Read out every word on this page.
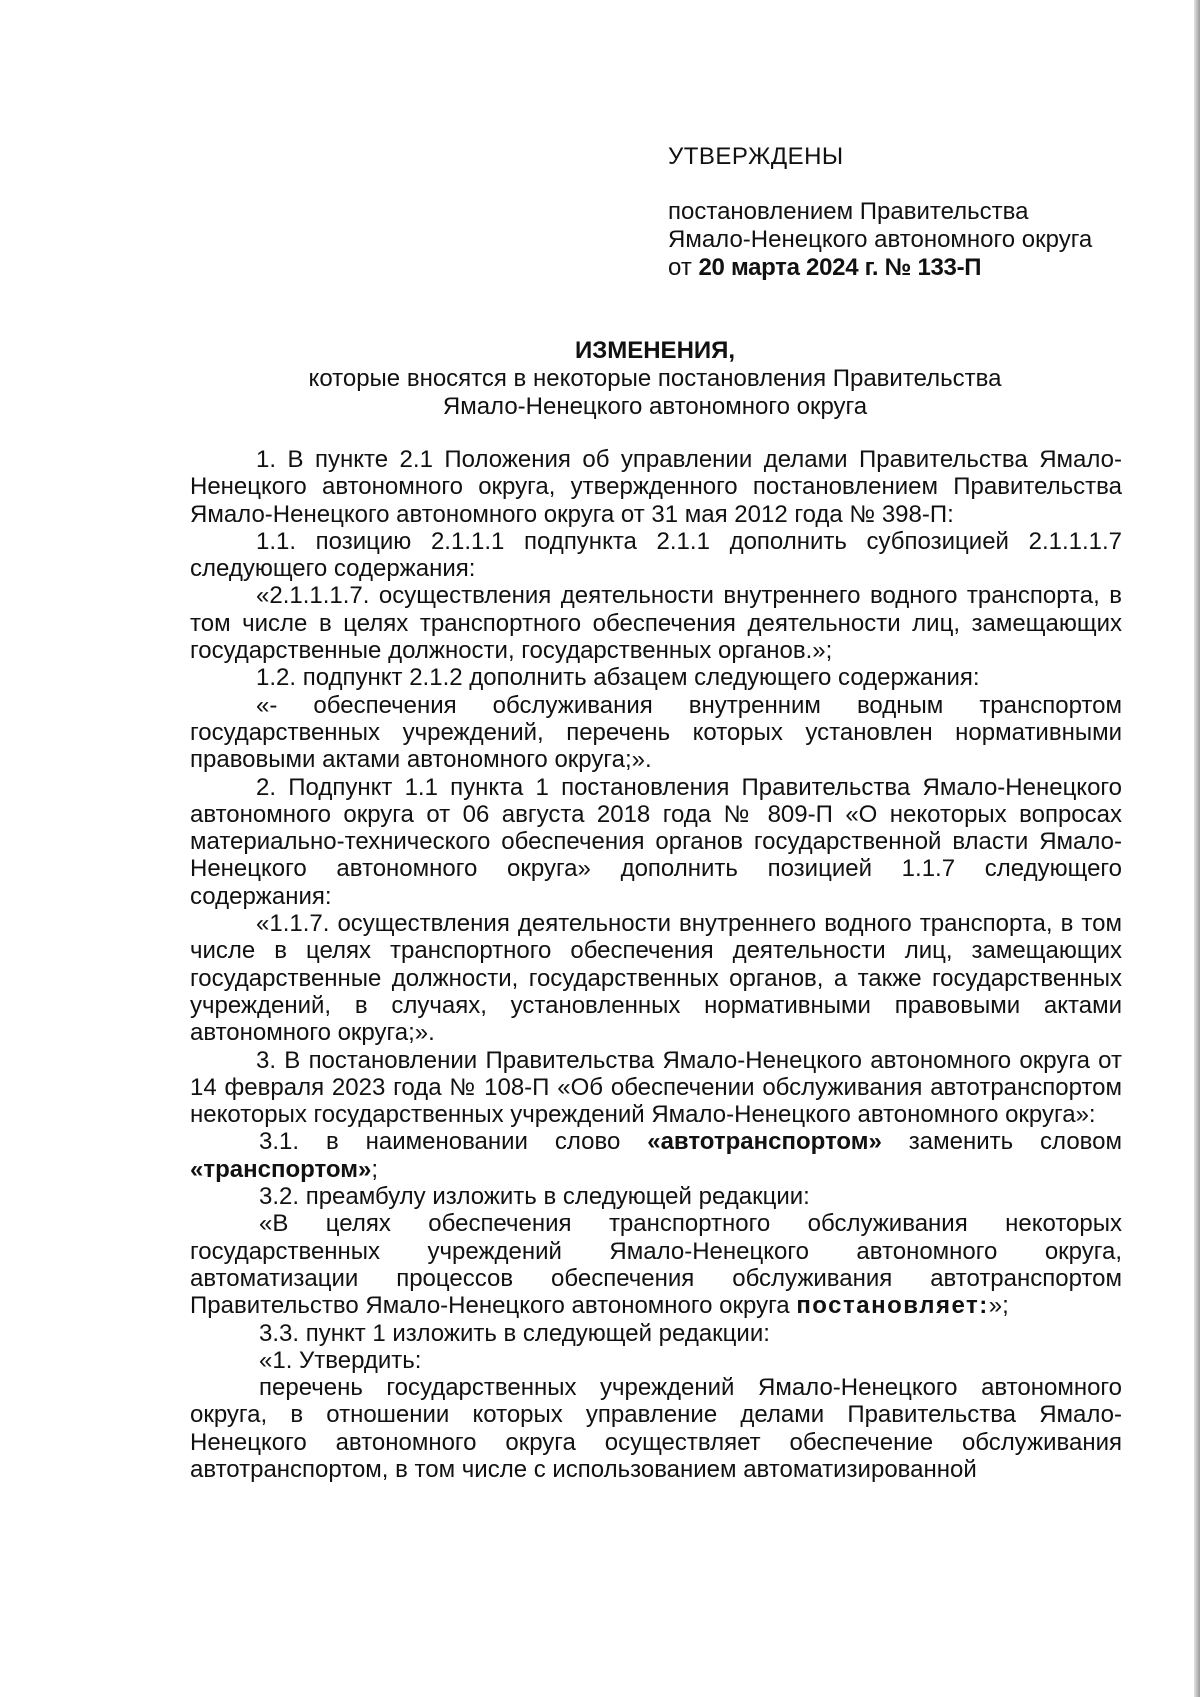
УТВЕРЖДЕНЫ
постановлением Правительства
Ямало-Ненецкого автономного округа
от 20 марта 2024 г. № 133-П
ИЗМЕНЕНИЯ,
которые вносятся в некоторые постановления Правительства
Ямало-Ненецкого автономного округа

1. В пункте 2.1 Положения об управлении делами Правительства Ямало-Ненецкого автономного округа, утвержденного постановлением Правительства Ямало-Ненецкого автономного округа от 31 мая 2012 года № 398-П:

1.1. позицию 2.1.1.1 подпункта 2.1.1 дополнить субпозицией 2.1.1.1.7 следующего содержания:

«2.1.1.1.7. осуществления деятельности внутреннего водного транспорта, в том числе в целях транспортного обеспечения деятельности лиц, замещающих государственные должности, государственных органов.»;

1.2. подпункт 2.1.2 дополнить абзацем следующего содержания:

«- обеспечения обслуживания внутренним водным транспортом государственных учреждений, перечень которых установлен нормативными правовыми актами автономного округа;».

2. Подпункт 1.1 пункта 1 постановления Правительства Ямало-Ненецкого автономного округа от 06 августа 2018 года № 809-П «О некоторых вопросах материально-технического обеспечения органов государственной власти Ямало-Ненецкого автономного округа» дополнить позицией 1.1.7 следующего содержания:

«1.1.7. осуществления деятельности внутреннего водного транспорта, в том числе в целях транспортного обеспечения деятельности лиц, замещающих государственные должности, государственных органов, а также государственных учреждений, в случаях, установленных нормативными правовыми актами автономного округа;».

3. В постановлении Правительства Ямало-Ненецкого автономного округа от 14 февраля 2023 года № 108-П «Об обеспечении обслуживания автотранспортом некоторых государственных учреждений Ямало-Ненецкого автономного округа»:

3.1. в наименовании слово «автотранспортом» заменить словом «транспортом»;

3.2. преамбулу изложить в следующей редакции:

«В целях обеспечения транспортного обслуживания некоторых государственных учреждений Ямало-Ненецкого автономного округа, автоматизации процессов обеспечения обслуживания автотранспортом Правительство Ямало-Ненецкого автономного округа постановляет:»;

3.3. пункт 1 изложить в следующей редакции:

«1. Утвердить:

перечень государственных учреждений Ямало-Ненецкого автономного округа, в отношении которых управление делами Правительства Ямало-Ненецкого автономного округа осуществляет обеспечение обслуживания автотранспортом, в том числе с использованием автоматизированной
